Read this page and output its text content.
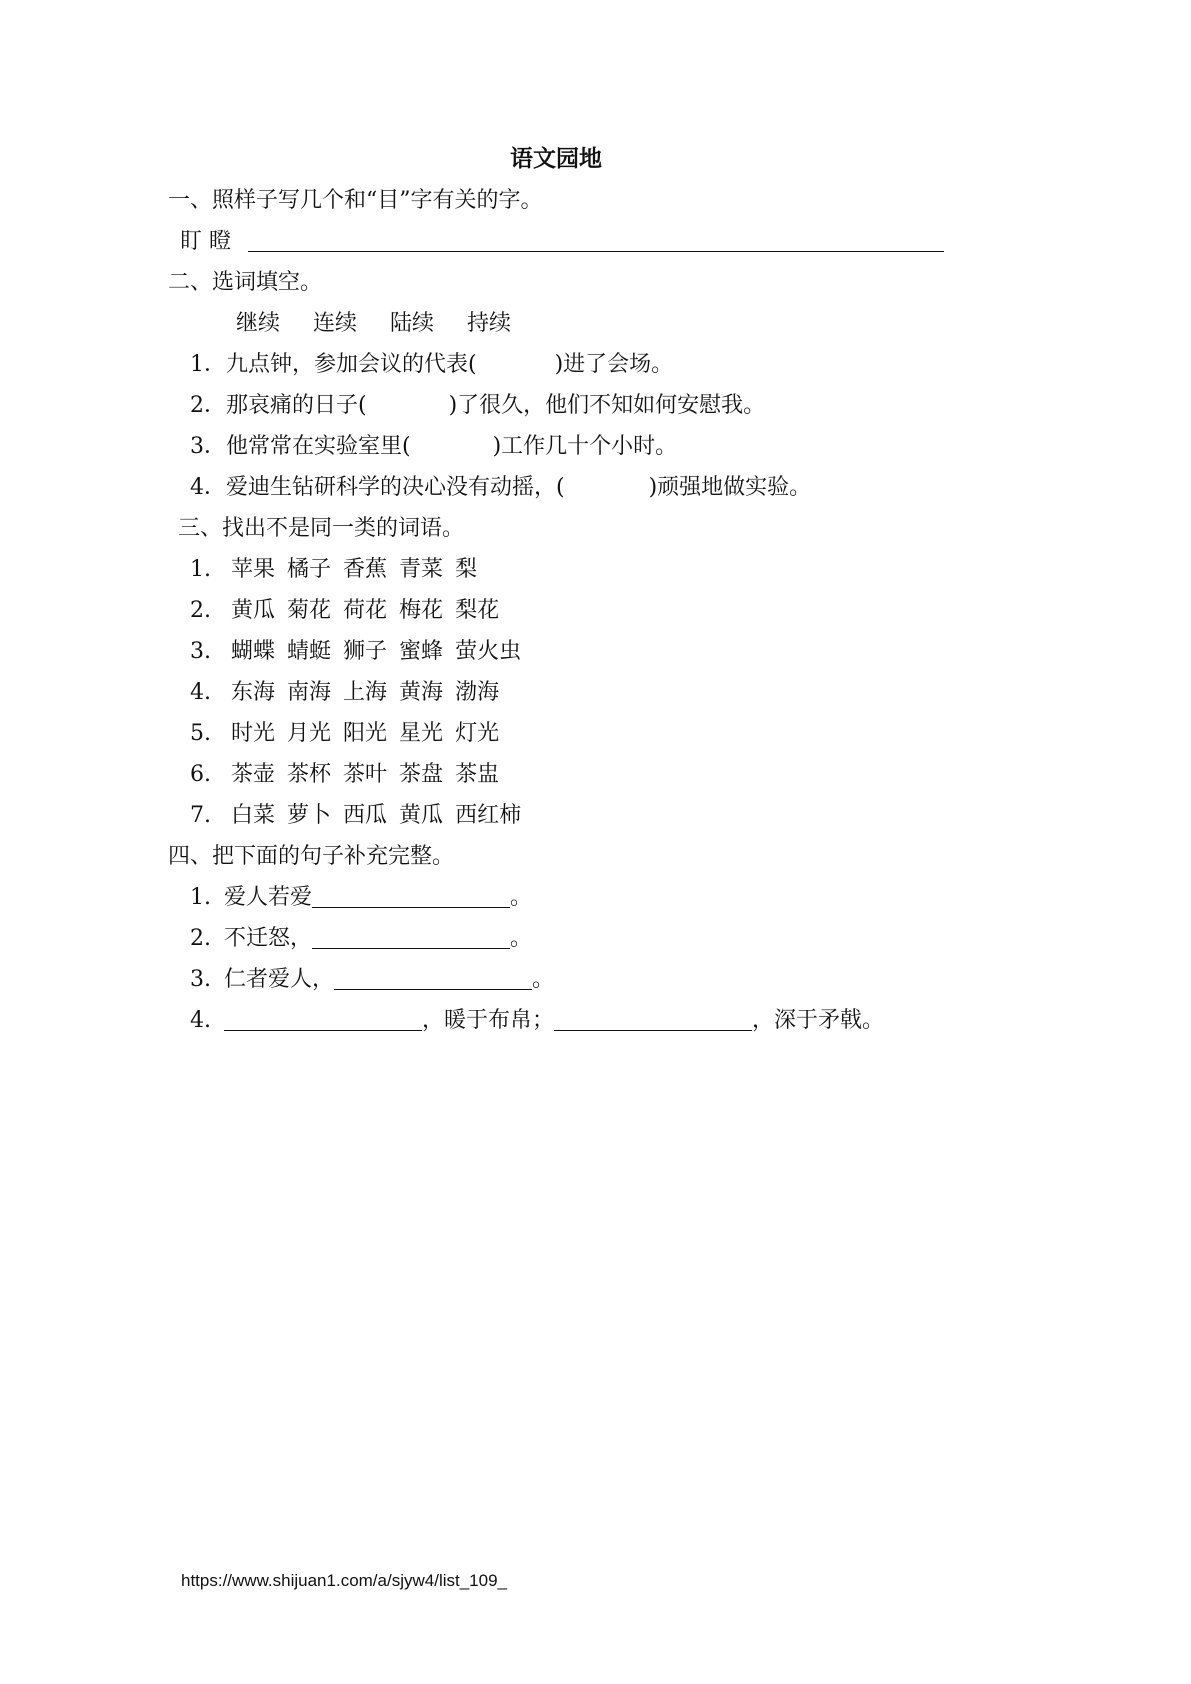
语文园地
一、照样子写几个和“目”字有关的字。
盯 瞪
二、选词填空。
继续 连续 陆续 持续
1．九点钟，参加会议的代表(	)进了会场。
2．那哀痛的日子(	)了很久，他们不知如何安慰我。
3．他常常在实验室里(	)工作几十个小时。
4．爱迪生钻研科学的决心没有动摇，(	)顽强地做实验。
三、找出不是同一类的词语。
1. 苹果 橘子 香蕉 青菜 梨
2. 黄瓜 菊花 荷花 梅花 梨花
3. 蝴蝶 蜻蜓 狮子 蜜蜂 萤火虫
4. 东海 南海 上海 黄海 渤海
5. 时光 月光 阳光 星光 灯光
6. 茶壶 茶杯 茶叶 茶盘 茶盅
7. 白菜 萝卜 西瓜 黄瓜 西红柿
四、把下面的句子补充完整。
1. 爱人若爱	。
2. 不迁怒，	。
3. 仁者爱人，	。
4.	，暖于布帛；	，深于矛戟。
https://www.shijuan1.com/a/sjyw4/list_109_
